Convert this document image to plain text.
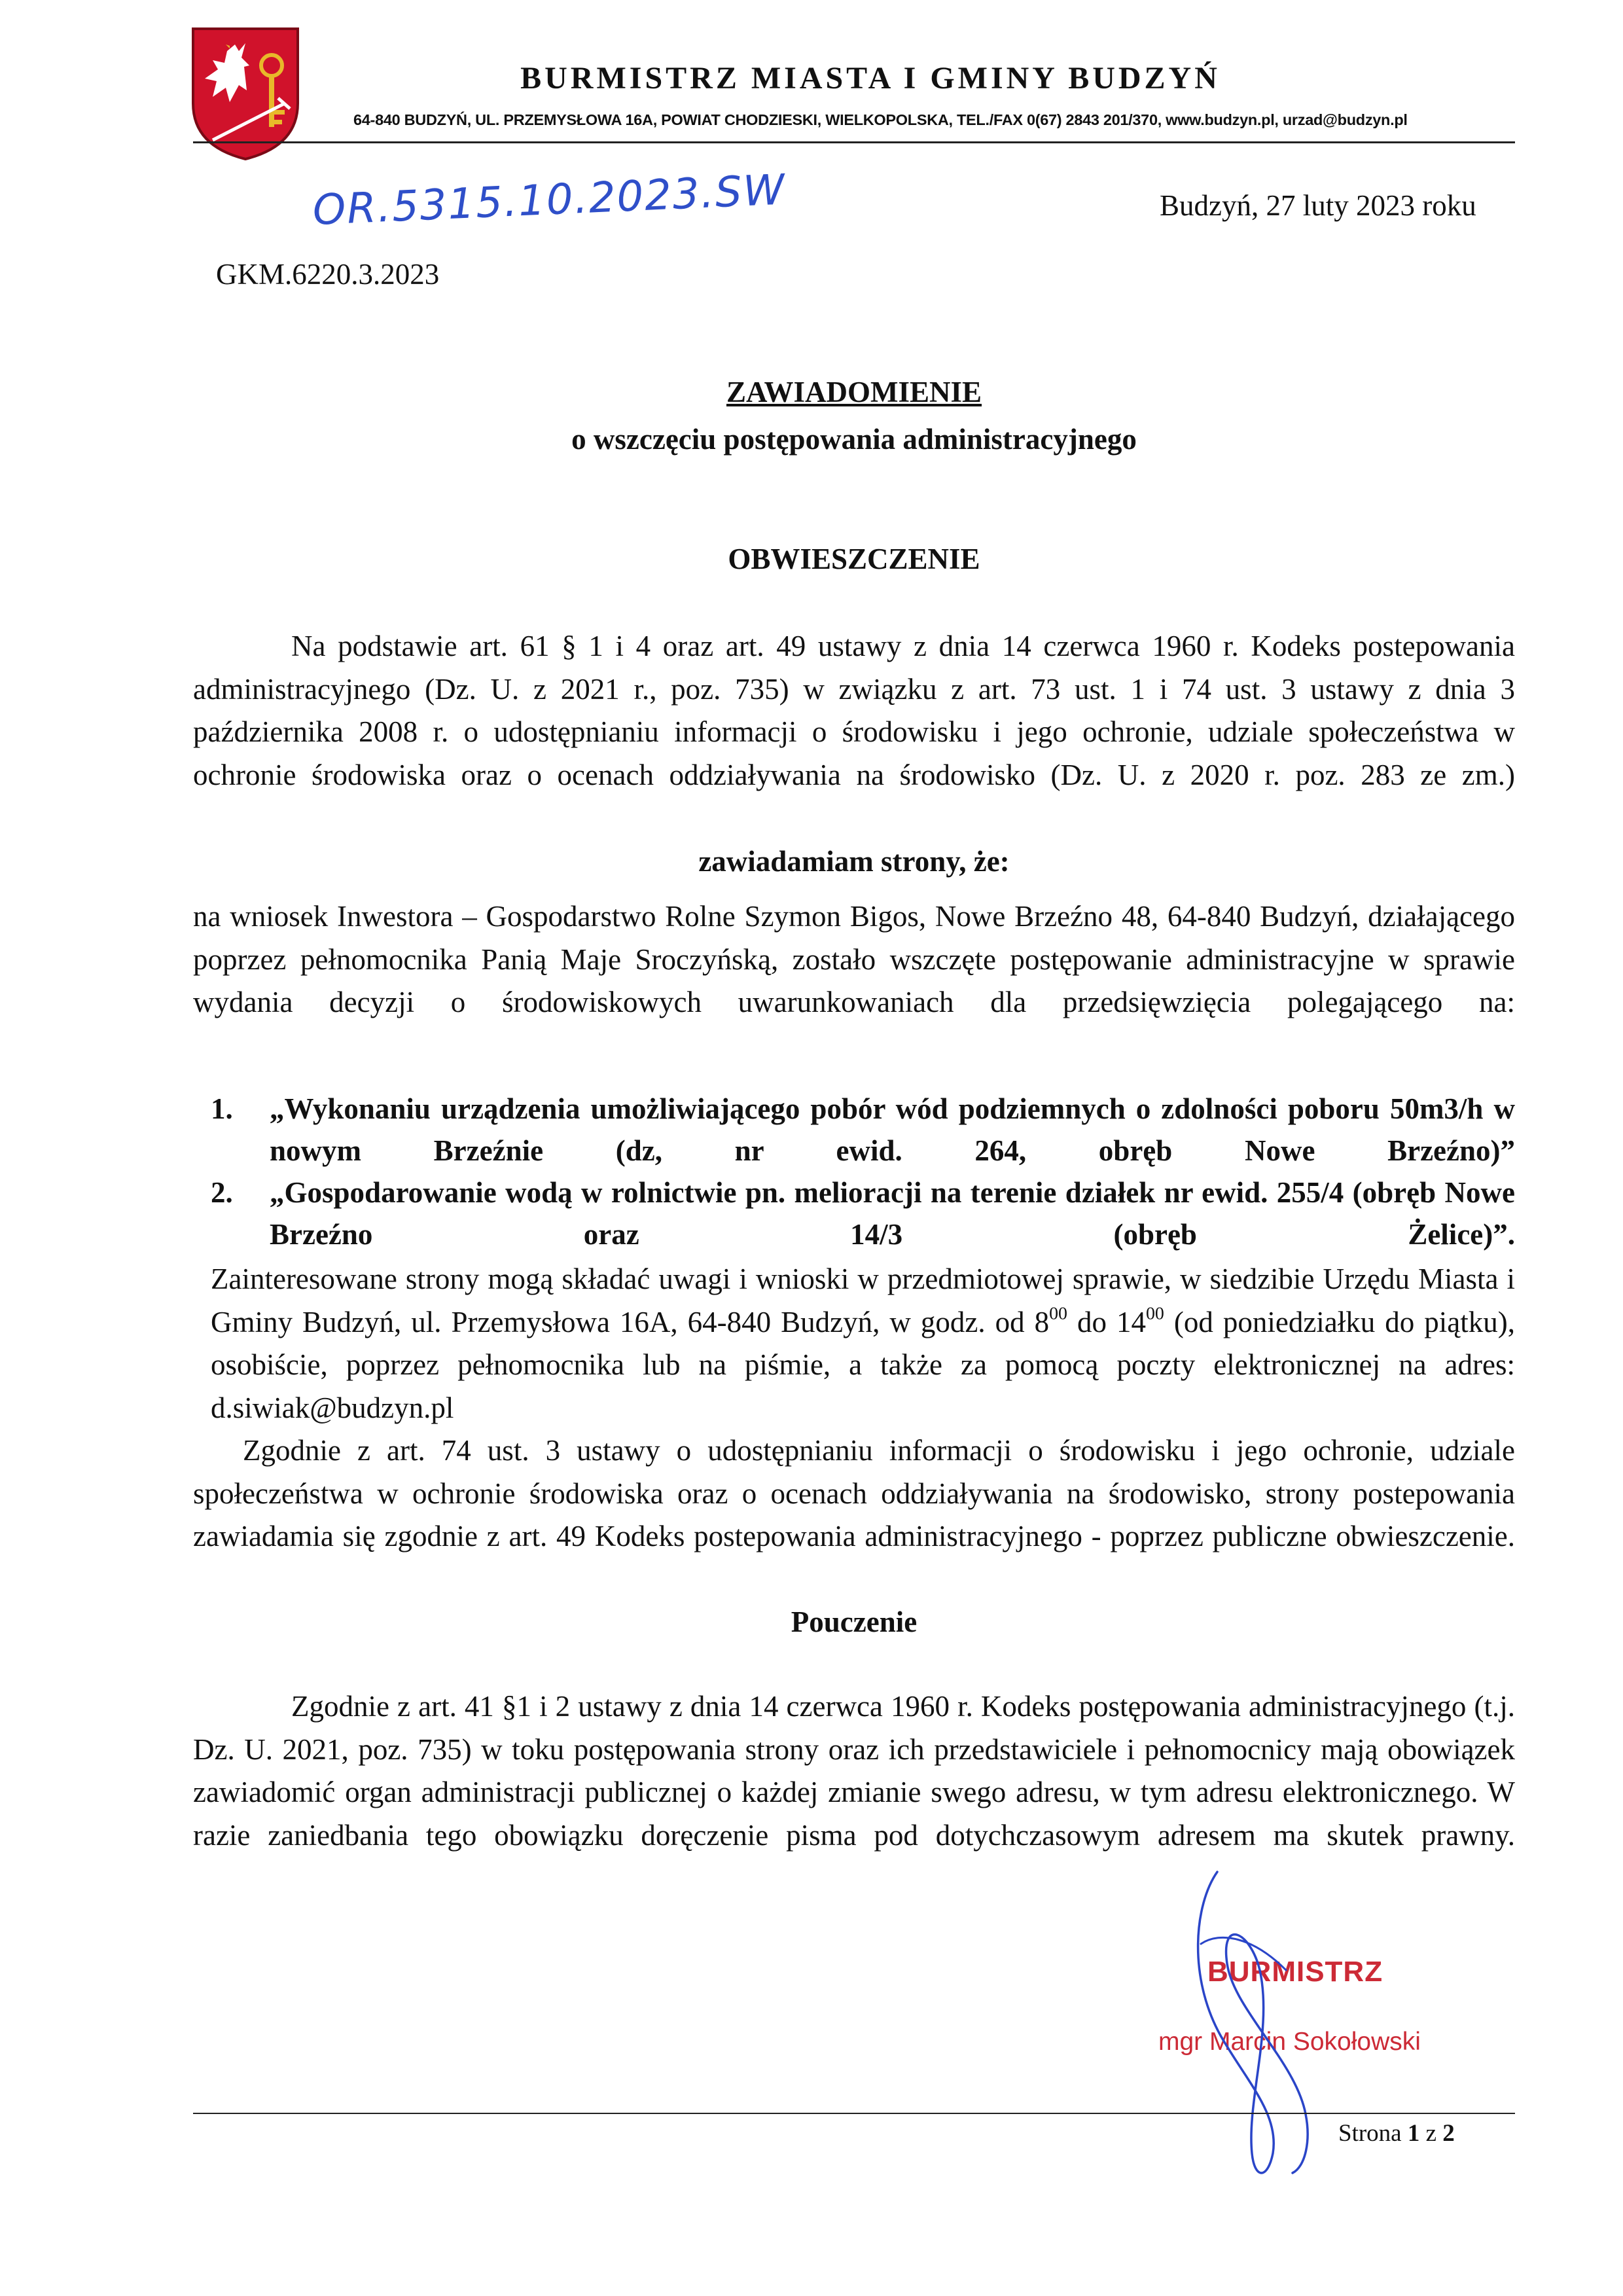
BURMISTRZ MIASTA I GMINY BUDZYŃ
64-840 BUDZYŃ, UL. PRZEMYSŁOWA 16A, POWIAT CHODZIESKI, WIELKOPOLSKA, TEL./FAX 0(67) 2843 201/370, www.budzyn.pl, urzad@budzyn.pl
OR.5315.10.2023.SW	Budzyń, 27 luty 2023 roku
GKM.6220.3.2023
ZAWIADOMIENIE
o wszczęciu postępowania administracyjnego
OBWIESZCZENIE
Na podstawie art. 61 § 1 i 4 oraz art. 49 ustawy z dnia 14 czerwca 1960 r. Kodeks postepowania administracyjnego (Dz. U. z 2021 r., poz. 735) w związku z art. 73 ust. 1 i 74 ust. 3 ustawy z dnia 3 października 2008 r. o udostępnianiu informacji o środowisku i jego ochronie, udziale społeczeństwa w ochronie środowiska oraz o ocenach oddziaływania na środowisko (Dz. U. z 2020 r. poz. 283 ze zm.)
zawiadamiam strony, że:
na wniosek Inwestora – Gospodarstwo Rolne Szymon Bigos, Nowe Brzeźno 48, 64-840 Budzyń, działającego poprzez pełnomocnika Panią Maje Sroczyńską, zostało wszczęte postępowanie administracyjne w sprawie wydania decyzji o środowiskowych uwarunkowaniach dla przedsięwzięcia polegającego na:
1. „Wykonaniu urządzenia umożliwiającego pobór wód podziemnych o zdolności poboru 50m3/h w nowym Brzeźnie (dz, nr ewid. 264, obręb Nowe Brzeźno)”
2. „Gospodarowanie wodą w rolnictwie pn. melioracji na terenie działek nr ewid. 255/4 (obręb Nowe Brzeźno oraz 14/3 (obręb Żelice)”.
Zainteresowane strony mogą składać uwagi i wnioski w przedmiotowej sprawie, w siedzibie Urzędu Miasta i Gminy Budzyń, ul. Przemysłowa 16A, 64-840 Budzyń, w godz. od $8^{00}$ do $14^{00}$ (od poniedziałku do piątku), osobiście, poprzez pełnomocnika lub na piśmie, a także za pomocą poczty elektronicznej na adres: d.siwiak@budzyn.pl
Zgodnie z art. 74 ust. 3 ustawy o udostępnianiu informacji o środowisku i jego ochronie, udziale społeczeństwa w ochronie środowiska oraz o ocenach oddziaływania na środowisko, strony postepowania zawiadamia się zgodnie z art. 49 Kodeks postepowania administracyjnego - poprzez publiczne obwieszczenie.
Pouczenie
Zgodnie z art. 41 §1 i 2 ustawy z dnia 14 czerwca 1960 r. Kodeks postępowania administracyjnego (t.j. Dz. U. 2021, poz. 735) w toku postępowania strony oraz ich przedstawiciele i pełnomocnicy mają obowiązek zawiadomić organ administracji publicznej o każdej zmianie swego adresu, w tym adresu elektronicznego. W razie zaniedbania tego obowiązku doręczenie pisma pod dotychczasowym adresem ma skutek prawny.
BURMISTRZ
mgr Marcin Sokołowski
Strona 1 z 2
